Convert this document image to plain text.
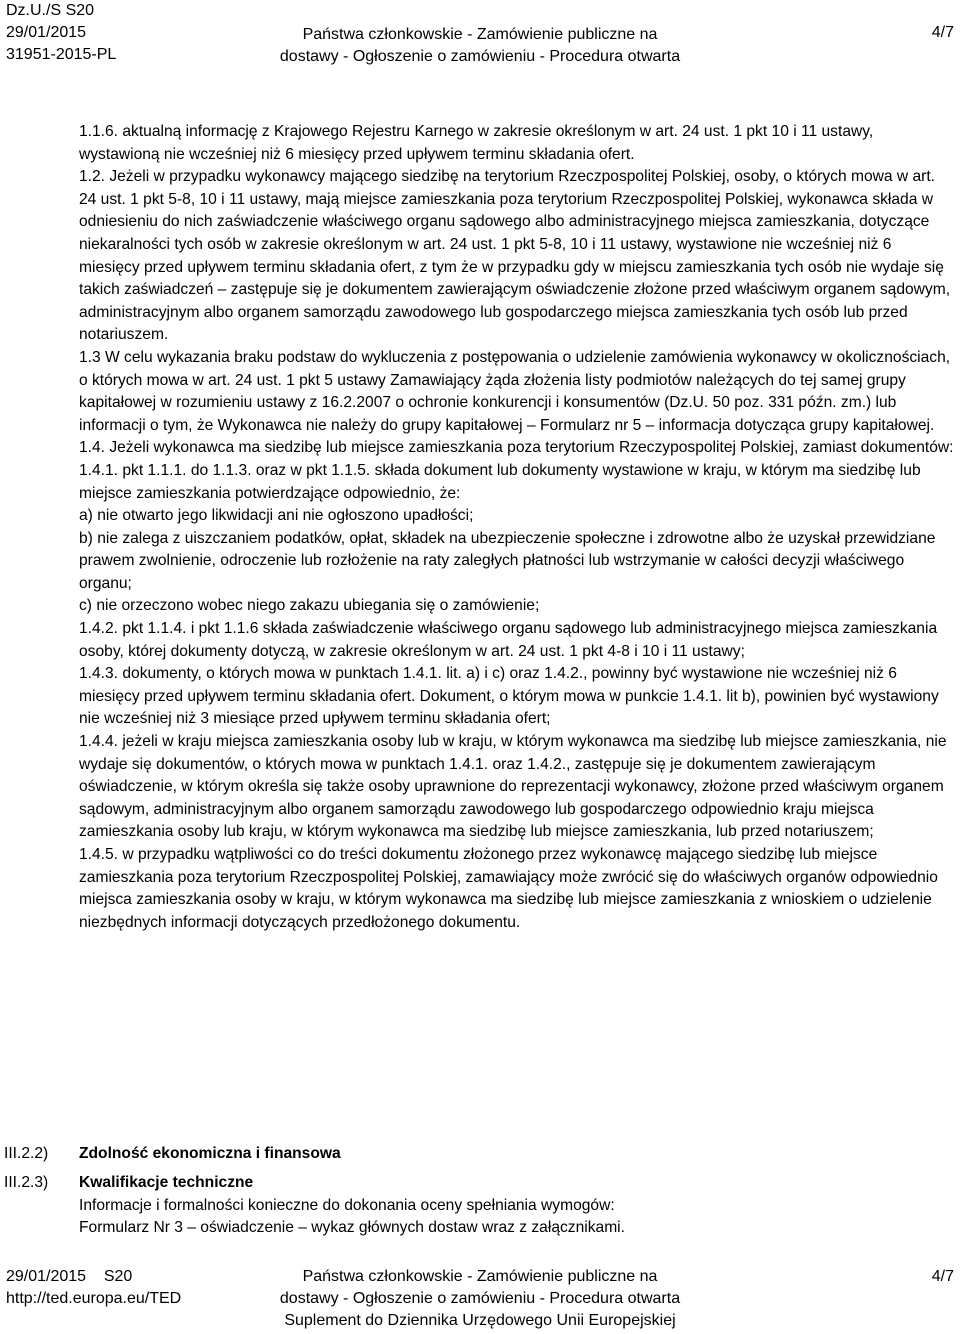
Dz.U./S S20
29/01/2015
31951-2015-PL
Państwa członkowskie - Zamówienie publiczne na
dostawy - Ogłoszenie o zamówieniu - Procedura otwarta
4/7

1.1.6. aktualną informację z Krajowego Rejestru Karnego w zakresie określonym w art. 24 ust. 1 pkt 10 i 11 ustawy, wystawioną nie wcześniej niż 6 miesięcy przed upływem terminu składania ofert.

1.2. Jeżeli w przypadku wykonawcy mającego siedzibę na terytorium Rzeczpospolitej Polskiej, osoby, o których mowa w art. 24 ust. 1 pkt 5-8, 10 i 11 ustawy, mają miejsce zamieszkania poza terytorium Rzeczpospolitej Polskiej, wykonawca składa w odniesieniu do nich zaświadczenie właściwego organu sądowego albo administracyjnego miejsca zamieszkania, dotyczące niekaralności tych osób w zakresie określonym w art. 24 ust. 1 pkt 5-8, 10 i 11 ustawy, wystawione nie wcześniej niż 6 miesięcy przed upływem terminu składania ofert, z tym że w przypadku gdy w miejscu zamieszkania tych osób nie wydaje się takich zaświadczeń – zastępuje się je dokumentem zawierającym oświadczenie złożone przed właściwym organem sądowym, administracyjnym albo organem samorządu zawodowego lub gospodarczego miejsca zamieszkania tych osób lub przed notariuszem.

1.3 W celu wykazania braku podstaw do wykluczenia z postępowania o udzielenie zamówienia wykonawcy w okolicznościach, o których mowa w art. 24 ust. 1 pkt 5 ustawy Zamawiający żąda złożenia listy podmiotów należących do tej samej grupy kapitałowej w rozumieniu ustawy z 16.2.2007 o ochronie konkurencji i konsumentów (Dz.U. 50 poz. 331 późn. zm.) lub informacji o tym, że Wykonawca nie należy do grupy kapitałowej – Formularz nr 5 – informacja dotycząca grupy kapitałowej.

1.4. Jeżeli wykonawca ma siedzibę lub miejsce zamieszkania poza terytorium Rzeczypospolitej Polskiej, zamiast dokumentów:

1.4.1. pkt 1.1.1. do 1.1.3. oraz w pkt 1.1.5. składa dokument lub dokumenty wystawione w kraju, w którym ma siedzibę lub miejsce zamieszkania potwierdzające odpowiednio, że:

a) nie otwarto jego likwidacji ani nie ogłoszono upadłości;

b) nie zalega z uiszczaniem podatków, opłat, składek na ubezpieczenie społeczne i zdrowotne albo że uzyskał przewidziane prawem zwolnienie, odroczenie lub rozłożenie na raty zaległych płatności lub wstrzymanie w całości decyzji właściwego organu;

c) nie orzeczono wobec niego zakazu ubiegania się o zamówienie;

1.4.2. pkt 1.1.4. i pkt 1.1.6 składa zaświadczenie właściwego organu sądowego lub administracyjnego miejsca zamieszkania osoby, której dokumenty dotyczą, w zakresie określonym w art. 24 ust. 1 pkt 4-8 i 10 i 11 ustawy;

1.4.3. dokumenty, o których mowa w punktach 1.4.1. lit. a) i c) oraz 1.4.2., powinny być wystawione nie wcześniej niż 6 miesięcy przed upływem terminu składania ofert. Dokument, o którym mowa w punkcie 1.4.1. lit b), powinien być wystawiony nie wcześniej niż 3 miesiące przed upływem terminu składania ofert;

1.4.4. jeżeli w kraju miejsca zamieszkania osoby lub w kraju, w którym wykonawca ma siedzibę lub miejsce zamieszkania, nie wydaje się dokumentów, o których mowa w punktach 1.4.1. oraz 1.4.2., zastępuje się je dokumentem zawierającym oświadczenie, w którym określa się także osoby uprawnione do reprezentacji wykonawcy, złożone przed właściwym organem sądowym, administracyjnym albo organem samorządu zawodowego lub gospodarczego odpowiednio kraju miejsca zamieszkania osoby lub kraju, w którym wykonawca ma siedzibę lub miejsce zamieszkania, lub przed notariuszem;

1.4.5. w przypadku wątpliwości co do treści dokumentu złożonego przez wykonawcę mającego siedzibę lub miejsce zamieszkania poza terytorium Rzeczpospolitej Polskiej, zamawiający może zwrócić się do właściwych organów odpowiednio miejsca zamieszkania osoby w kraju, w którym wykonawca ma siedzibę lub miejsce zamieszkania z wnioskiem o udzielenie niezbędnych informacji dotyczących przedłożonego dokumentu.

III.2.2) Zdolność ekonomiczna i finansowa
III.2.3) Kwalifikacje techniczne
Informacje i formalności konieczne do dokonania oceny spełniania wymogów:
Formularz Nr 3 – oświadczenie – wykaz głównych dostaw wraz z załącznikami.
29/01/2015 S20
http://ted.europa.eu/TED
Państwa członkowskie - Zamówienie publiczne na
dostawy - Ogłoszenie o zamówieniu - Procedura otwarta
Suplement do Dziennika Urzędowego Unii Europejskiej
4/7
